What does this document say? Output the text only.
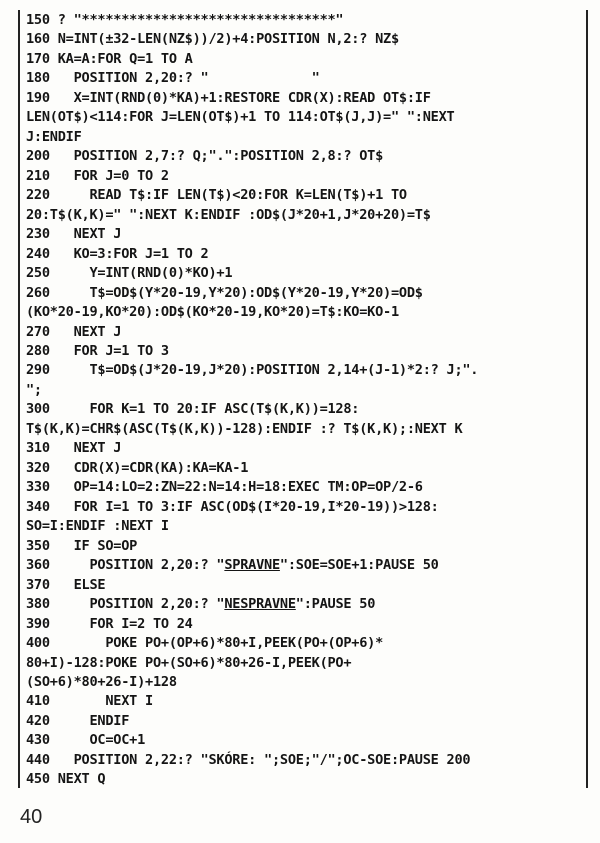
150 ? "********************************"
160 N=INT(±32-LEN(NZ$))/2)+4:POSITION N,2:? NZ$
170 KA=A:FOR Q=1 TO A
180   POSITION 2,20:? "             "
190   X=INT(RND(0)*KA)+1:RESTORE CDR(X):READ OT$:IF
LEN(OT$)<114:FOR J=LEN(OT$)+1 TO 114:OT$(J,J)=" ":NEXT
J:ENDIF
200   POSITION 2,7:? Q;".":POSITION 2,8:? OT$
210   FOR J=0 TO 2
220     READ T$:IF LEN(T$)<20:FOR K=LEN(T$)+1 TO
20:T$(K,K)=" ":NEXT K:ENDIF :OD$(J*20+1,J*20+20)=T$
230   NEXT J
240   KO=3:FOR J=1 TO 2
250     Y=INT(RND(0)*KO)+1
260     T$=OD$(Y*20-19,Y*20):OD$(Y*20-19,Y*20)=OD$
(KO*20-19,KO*20):OD$(KO*20-19,KO*20)=T$:KO=KO-1
270   NEXT J
280   FOR J=1 TO 3
290     T$=OD$(J*20-19,J*20):POSITION 2,14+(J-1)*2:? J;".
";
300     FOR K=1 TO 20:IF ASC(T$(K,K))=128:
T$(K,K)=CHR$(ASC(T$(K,K))-128):ENDIF :? T$(K,K);:NEXT K
310   NEXT J
320   CDR(X)=CDR(KA):KA=KA-1
330   OP=14:LO=2:ZN=22:N=14:H=18:EXEC TM:OP=OP/2-6
340   FOR I=1 TO 3:IF ASC(OD$(I*20-19,I*20-19))>128:
SO=I:ENDIF :NEXT I
350   IF SO=OP
360     POSITION 2,20:? "SPRAVNE":SOE=SOE+1:PAUSE 50
370   ELSE
380     POSITION 2,20:? "NESPRAVNE":PAUSE 50
390     FOR I=2 TO 24
400       POKE PO+(OP+6)*80+I,PEEK(PO+(OP+6)*
80+I)-128:POKE PO+(SO+6)*80+26-I,PEEK(PO+
(SO+6)*80+26-I)+128
410       NEXT I
420     ENDIF
430     OC=OC+1
440   POSITION 2,22:? "SKÓRE: ";SOE;"/";OC-SOE:PAUSE 200
450 NEXT Q
40
